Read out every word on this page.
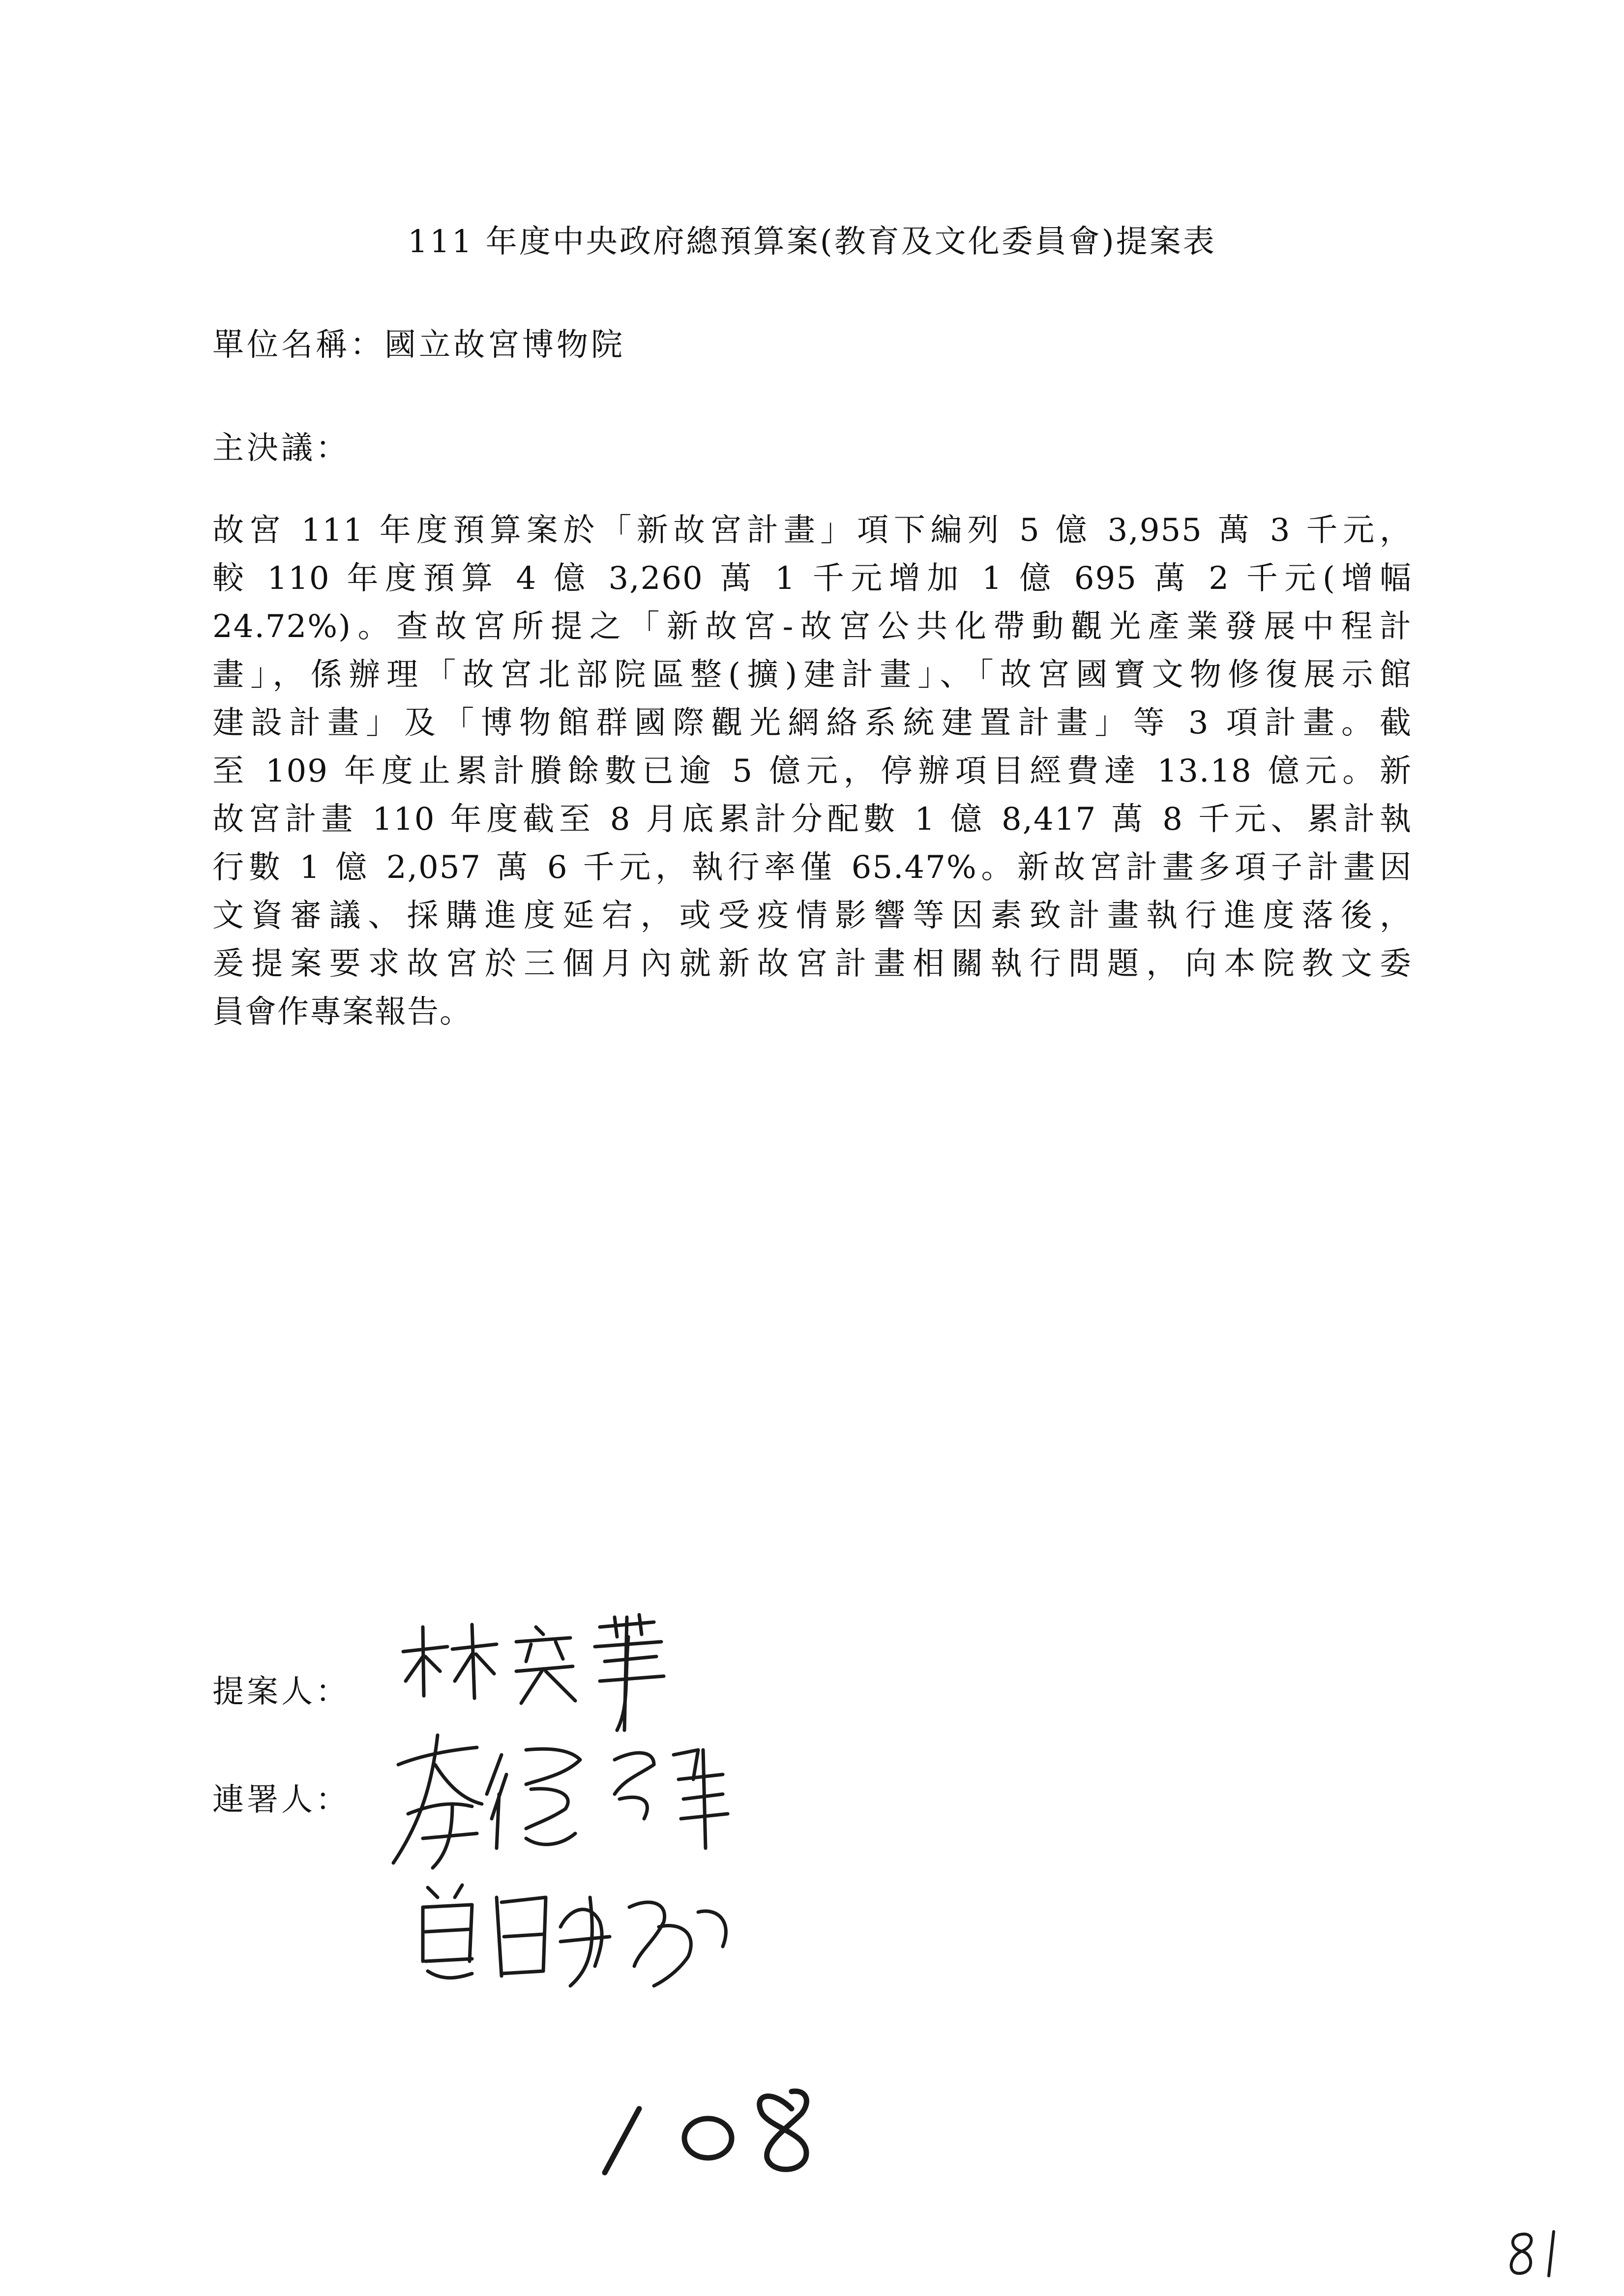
111 年度中央政府總預算案(教育及文化委員會)提案表
單位名稱：國立故宮博物院
主決議：
故宮 111 年度預算案於「新故宮計畫」項下編列 5 億 3,955 萬 3 千元，
較 110 年度預算 4 億 3,260 萬 1 千元增加 1 億 695 萬 2 千元(增幅
24.72%)。查故宮所提之「新故宮-故宮公共化帶動觀光產業發展中程計
畫」，係辦理「故宮北部院區整(擴)建計畫」、「故宮國寶文物修復展示館
建設計畫」及「博物館群國際觀光網絡系統建置計畫」等 3 項計畫。截
至 109 年度止累計賸餘數已逾 5 億元，停辦項目經費達 13.18 億元。新
故宮計畫 110 年度截至 8 月底累計分配數 1 億 8,417 萬 8 千元、累計執
行數 1 億 2,057 萬 6 千元，執行率僅 65.47%。新故宮計畫多項子計畫因
文資審議、採購進度延宕，或受疫情影響等因素致計畫執行進度落後，
爰提案要求故宮於三個月內就新故宮計畫相關執行問題，向本院教文委
員會作專案報告。
提案人：
連署人：
